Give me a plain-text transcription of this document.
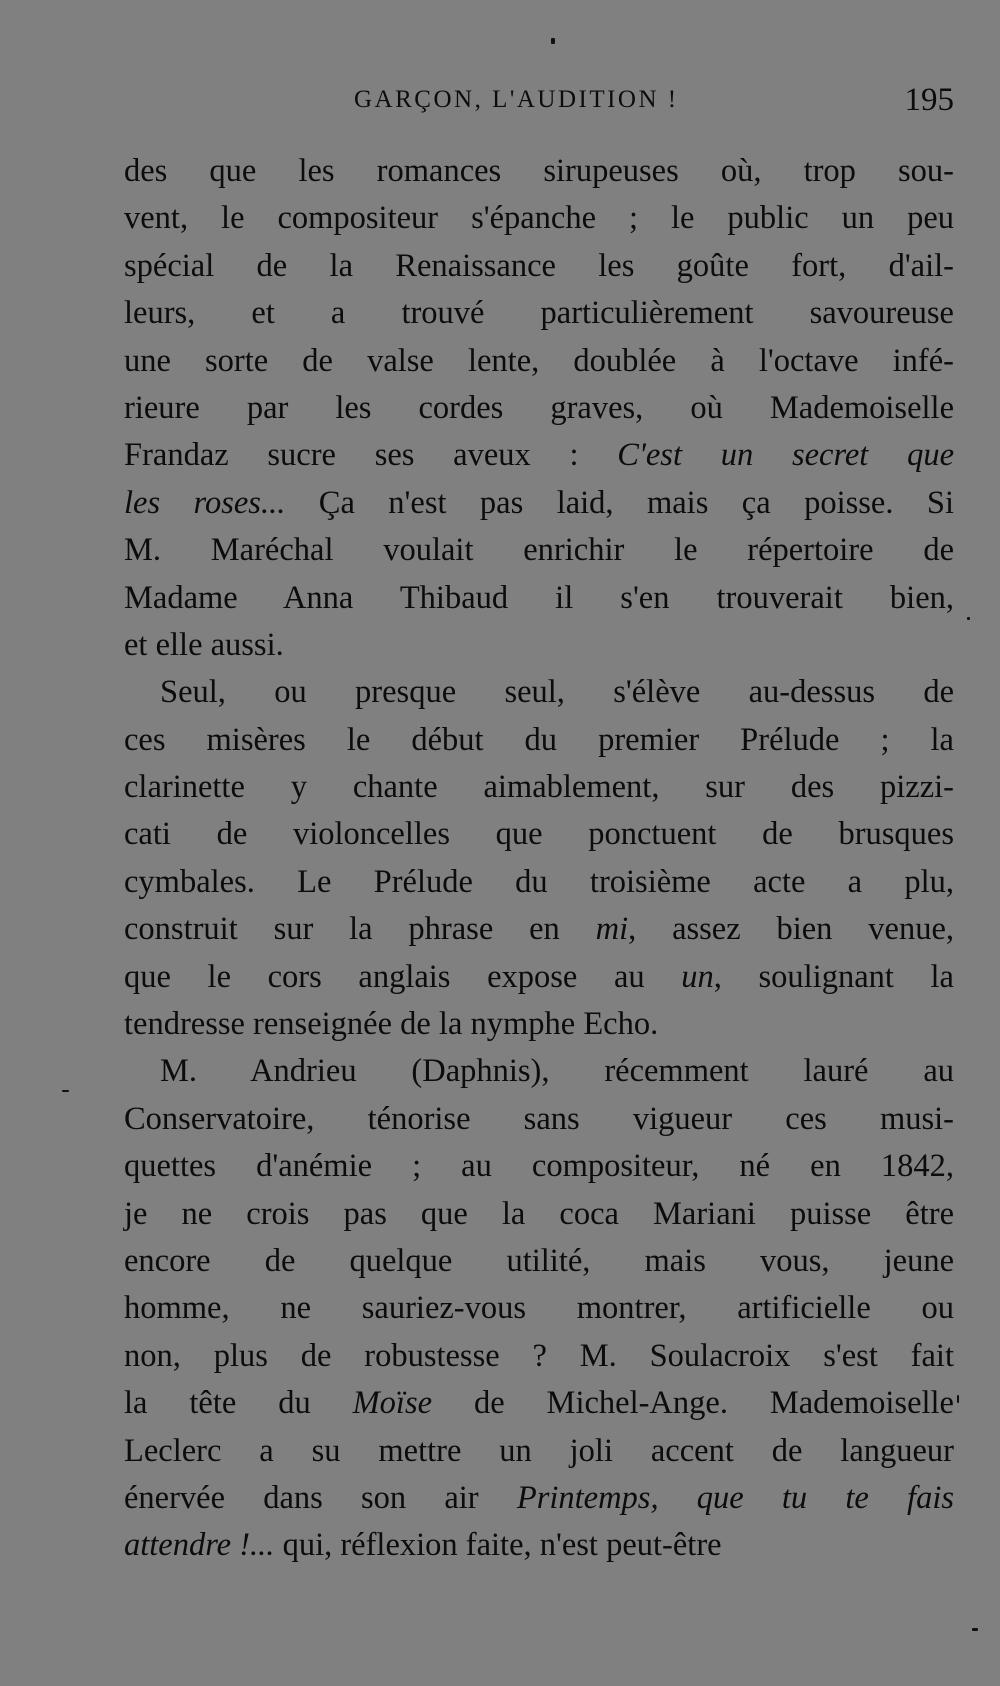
GARÇON, L'AUDITION !	195
des que les romances sirupeuses où, trop sou-
vent, le compositeur s'épanche ; le public un peu
spécial de la Renaissance les goûte fort, d'ail-
leurs, et a trouvé particulièrement savoureuse
une sorte de valse lente, doublée à l'octave infé-
rieure par les cordes graves, où Mademoiselle
Frandaz sucre ses aveux : C'est un secret que
les roses... Ça n'est pas laid, mais ça poisse. Si
M. Maréchal voulait enrichir le répertoire de
Madame Anna Thibaud il s'en trouverait bien,
et elle aussi.
Seul, ou presque seul, s'élève au-dessus de
ces misères le début du premier Prélude ; la
clarinette y chante aimablement, sur des pizzi-
cati de violoncelles que ponctuent de brusques
cymbales. Le Prélude du troisième acte a plu,
construit sur la phrase en mi, assez bien venue,
que le cors anglais expose au un, soulignant la
tendresse renseignée de la nymphe Echo.
M. Andrieu (Daphnis), récemment lauré au
Conservatoire, ténorise sans vigueur ces musi-
quettes d'anémie ; au compositeur, né en 1842,
je ne crois pas que la coca Mariani puisse être
encore de quelque utilité, mais vous, jeune
homme, ne sauriez-vous montrer, artificielle ou
non, plus de robustesse ? M. Soulacroix s'est fait
la tête du Moïse de Michel-Ange. Mademoiselle
Leclerc a su mettre un joli accent de langueur
énervée dans son air Printemps, que tu te fais
attendre !... qui, réflexion faite, n'est peut-être
